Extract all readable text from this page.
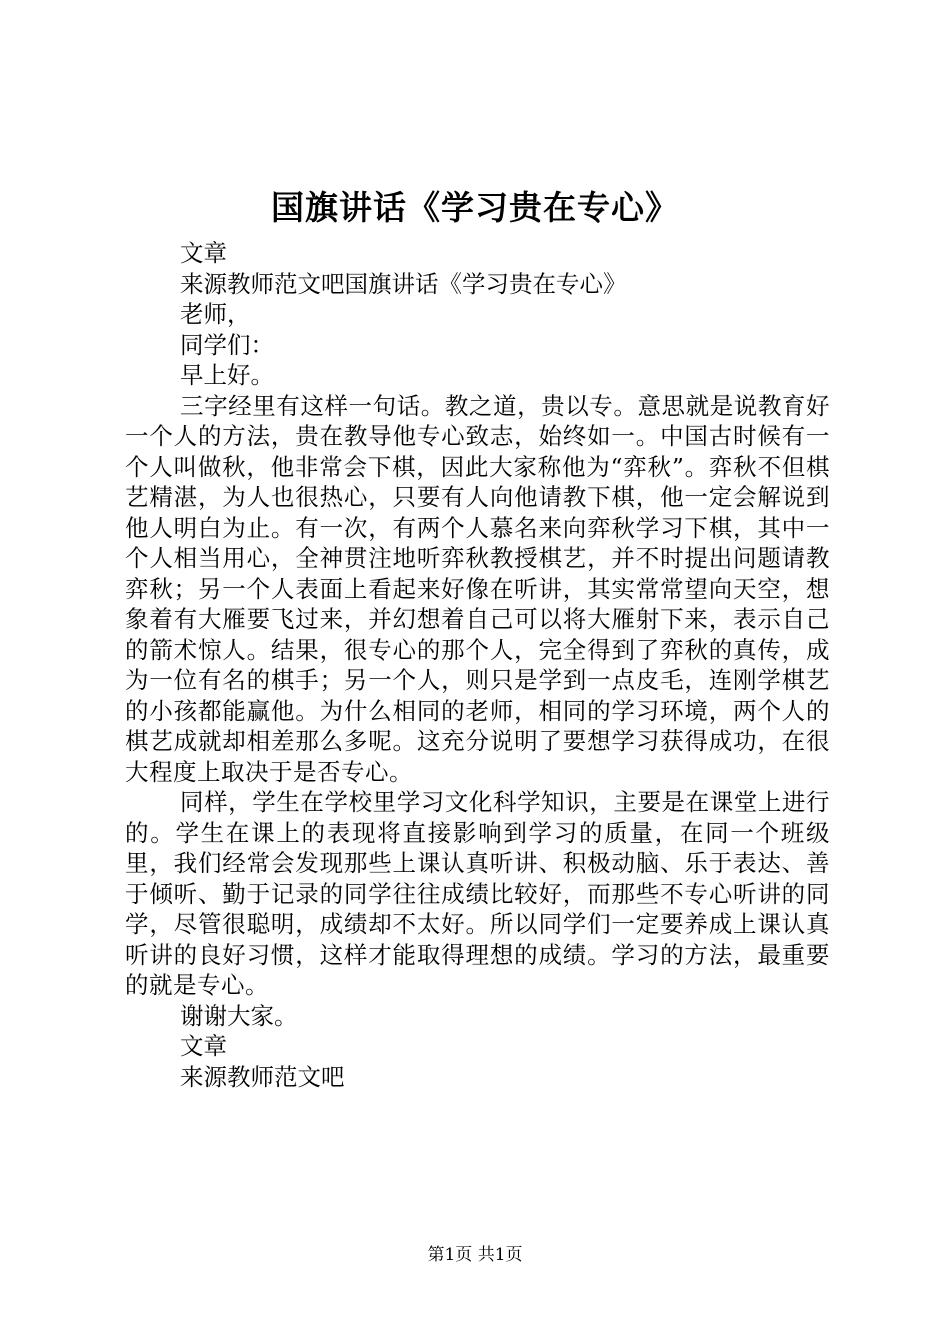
国旗讲话《学习贵在专心》

文章

来源教师范文吧国旗讲话《学习贵在专心》

老师，

同学们：

早上好。

三字经里有这样一句话。教之道，贵以专。意思就是说教育好一个人的方法，贵在教导他专心致志，始终如一。中国古时候有一个人叫做秋，他非常会下棋，因此大家称他为“弈秋”。弈秋不但棋艺精湛，为人也很热心，只要有人向他请教下棋，他一定会解说到他人明白为止。有一次，有两个人慕名来向弈秋学习下棋，其中一个人相当用心，全神贯注地听弈秋教授棋艺，并不时提出问题请教弈秋；另一个人表面上看起来好像在听讲，其实常常望向天空，想象着有大雁要飞过来，并幻想着自己可以将大雁射下来，表示自己的箭术惊人。结果，很专心的那个人，完全得到了弈秋的真传，成为一位有名的棋手；另一个人，则只是学到一点皮毛，连刚学棋艺的小孩都能赢他。为什么相同的老师，相同的学习环境，两个人的棋艺成就却相差那么多呢。这充分说明了要想学习获得成功，在很大程度上取决于是否专心。

同样，学生在学校里学习文化科学知识，主要是在课堂上进行的。学生在课上的表现将直接影响到学习的质量，在同一个班级里，我们经常会发现那些上课认真听讲、积极动脑、乐于表达、善于倾听、勤于记录的同学往往成绩比较好，而那些不专心听讲的同学，尽管很聪明，成绩却不太好。所以同学们一定要养成上课认真听讲的良好习惯，这样才能取得理想的成绩。学习的方法，最重要的就是专心。

谢谢大家。

文章

来源教师范文吧

第1页 共1页
